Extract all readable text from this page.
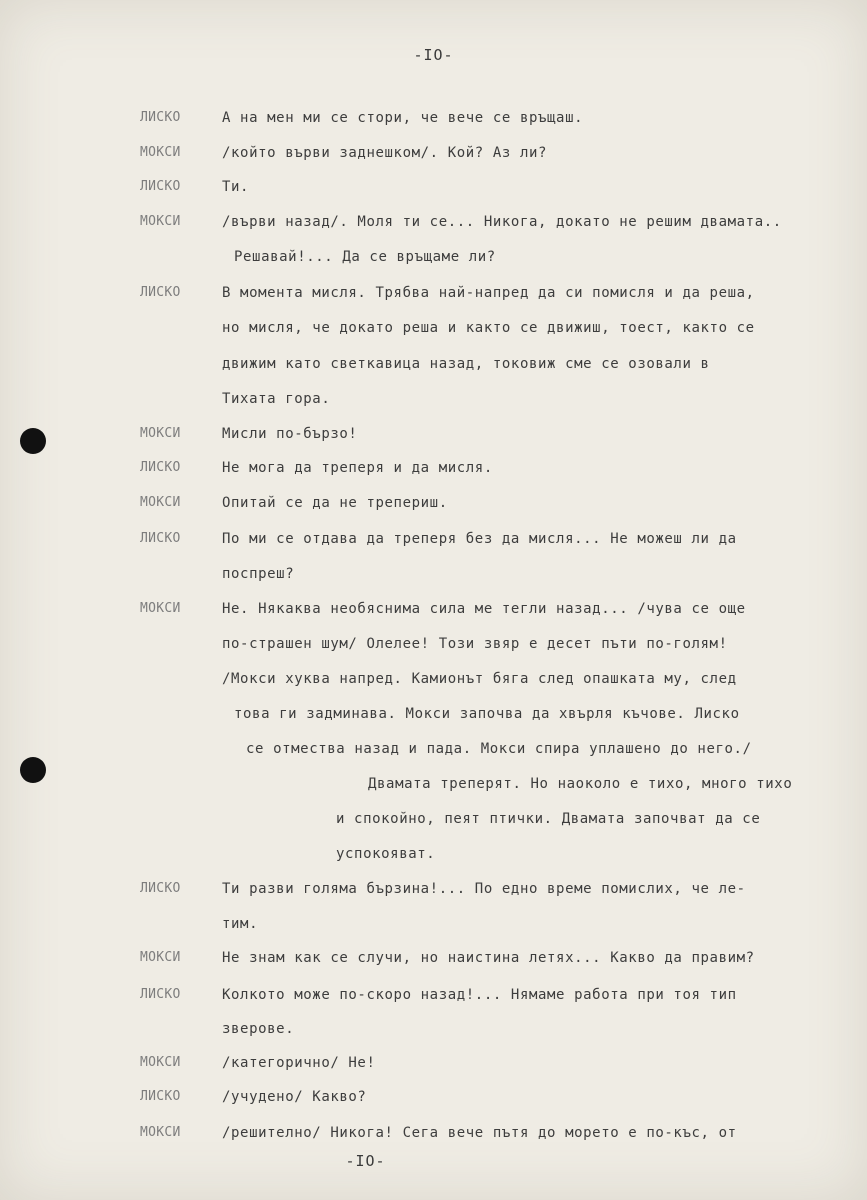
-IO-
ЛИСКО
МОКСИ
ЛИСКО
МОКСИ
ЛИСКО
МОКСИ
ЛИСКО
МОКСИ
ЛИСКО
МОКСИ
ЛИСКО
МОКСИ
ЛИСКО
МОКСИ
ЛИСКО
МОКСИ
А на мен ми се стори, че вече се връщаш.
/който върви заднешком/. Кой? Аз ли?
Ти.
/върви назад/. Моля ти се... Никога, докато не решим двамата..
Решавай!... Да се връщаме ли?
В момента мисля. Трябва най-напред да си помисля и да реша,
но мисля, че докато реша и както се движиш, тоест, както се
движим като светкавица назад, токовиж сме се озовали в
Тихата гора.
Мисли по-бързо!
Не мога да треперя и да мисля.
Опитай се да не трепериш.
По ми се отдава да треперя без да мисля... Не можеш ли да
поспреш?
Не. Някаква необяснима сила ме тегли назад... /чува се още
по-страшен шум/ Олелее! Този звяр е десет пъти по-голям!
/Мокси хуква напред. Камионът бяга след опашката му, след
това ги задминава. Мокси започва да хвърля къчове. Лиско
се отмества назад и пада. Мокси спира уплашено до него./
Двамата треперят. Но наоколо е тихо, много тихо
и спокойно, пеят птички. Двамата започват да се
успокояват.
Ти разви голяма бързина!... По едно време помислих, че ле-
тим.
Не знам как се случи, но наистина летях... Какво да правим?
Колкото може по-скоро назад!... Нямаме работа при тоя тип
зверове.
/категорично/ Не!
/учудено/ Какво?
/решително/ Никога! Сега вече пътя до морето е по-къс, от
-IO-
